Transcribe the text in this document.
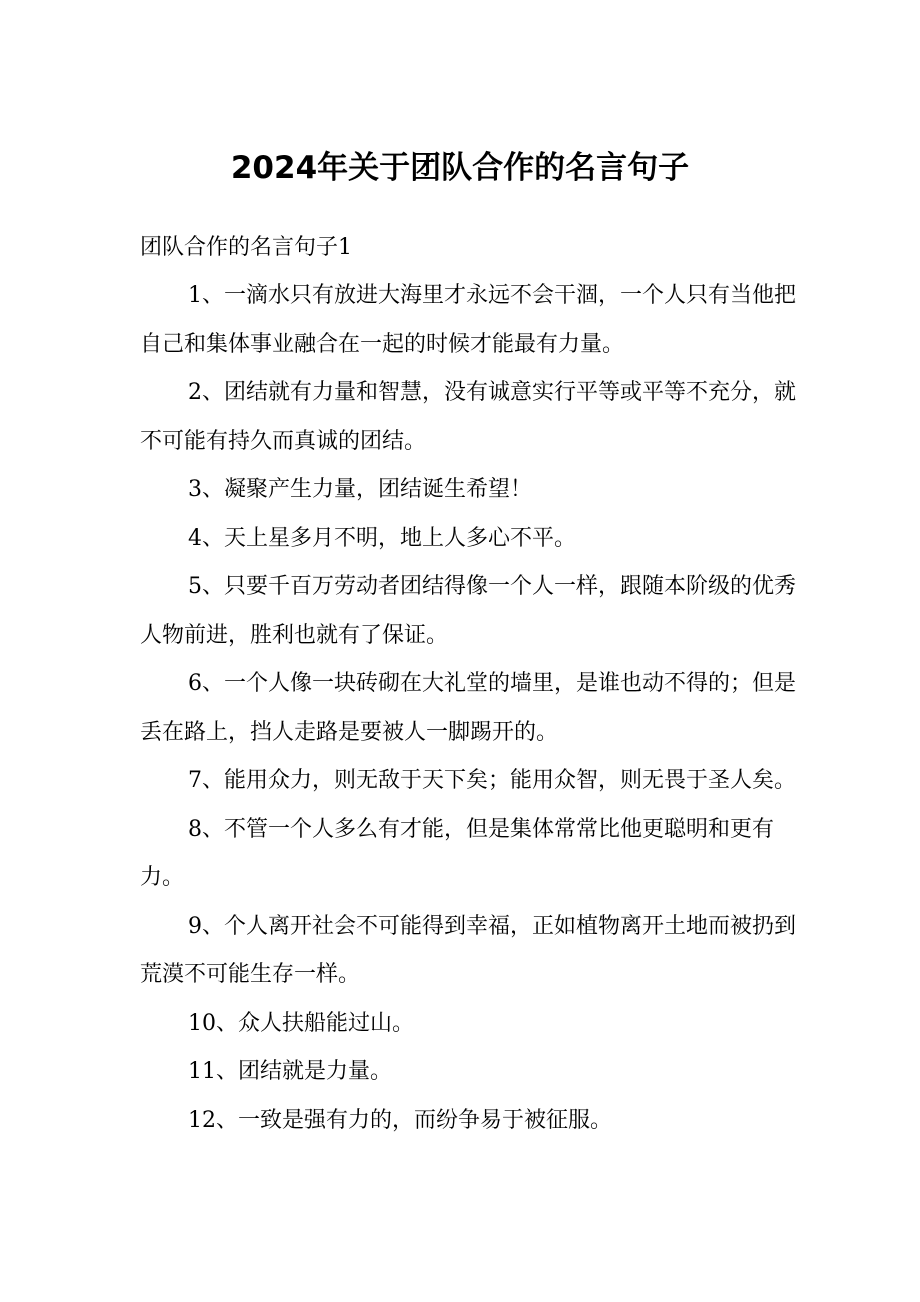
2024年关于团队合作的名言句子
团队合作的名言句子1
1、一滴水只有放进大海里才永远不会干涸，一个人只有当他把自己和集体事业融合在一起的时候才能最有力量。
2、团结就有力量和智慧，没有诚意实行平等或平等不充分，就不可能有持久而真诚的团结。
3、凝聚产生力量，团结诞生希望！
4、天上星多月不明，地上人多心不平。
5、只要千百万劳动者团结得像一个人一样，跟随本阶级的优秀人物前进，胜利也就有了保证。
6、一个人像一块砖砌在大礼堂的墙里，是谁也动不得的；但是丢在路上，挡人走路是要被人一脚踢开的。
7、能用众力，则无敌于天下矣；能用众智，则无畏于圣人矣。
8、不管一个人多么有才能，但是集体常常比他更聪明和更有力。
9、个人离开社会不可能得到幸福，正如植物离开土地而被扔到荒漠不可能生存一样。
10、众人扶船能过山。
11、团结就是力量。
12、一致是强有力的，而纷争易于被征服。
